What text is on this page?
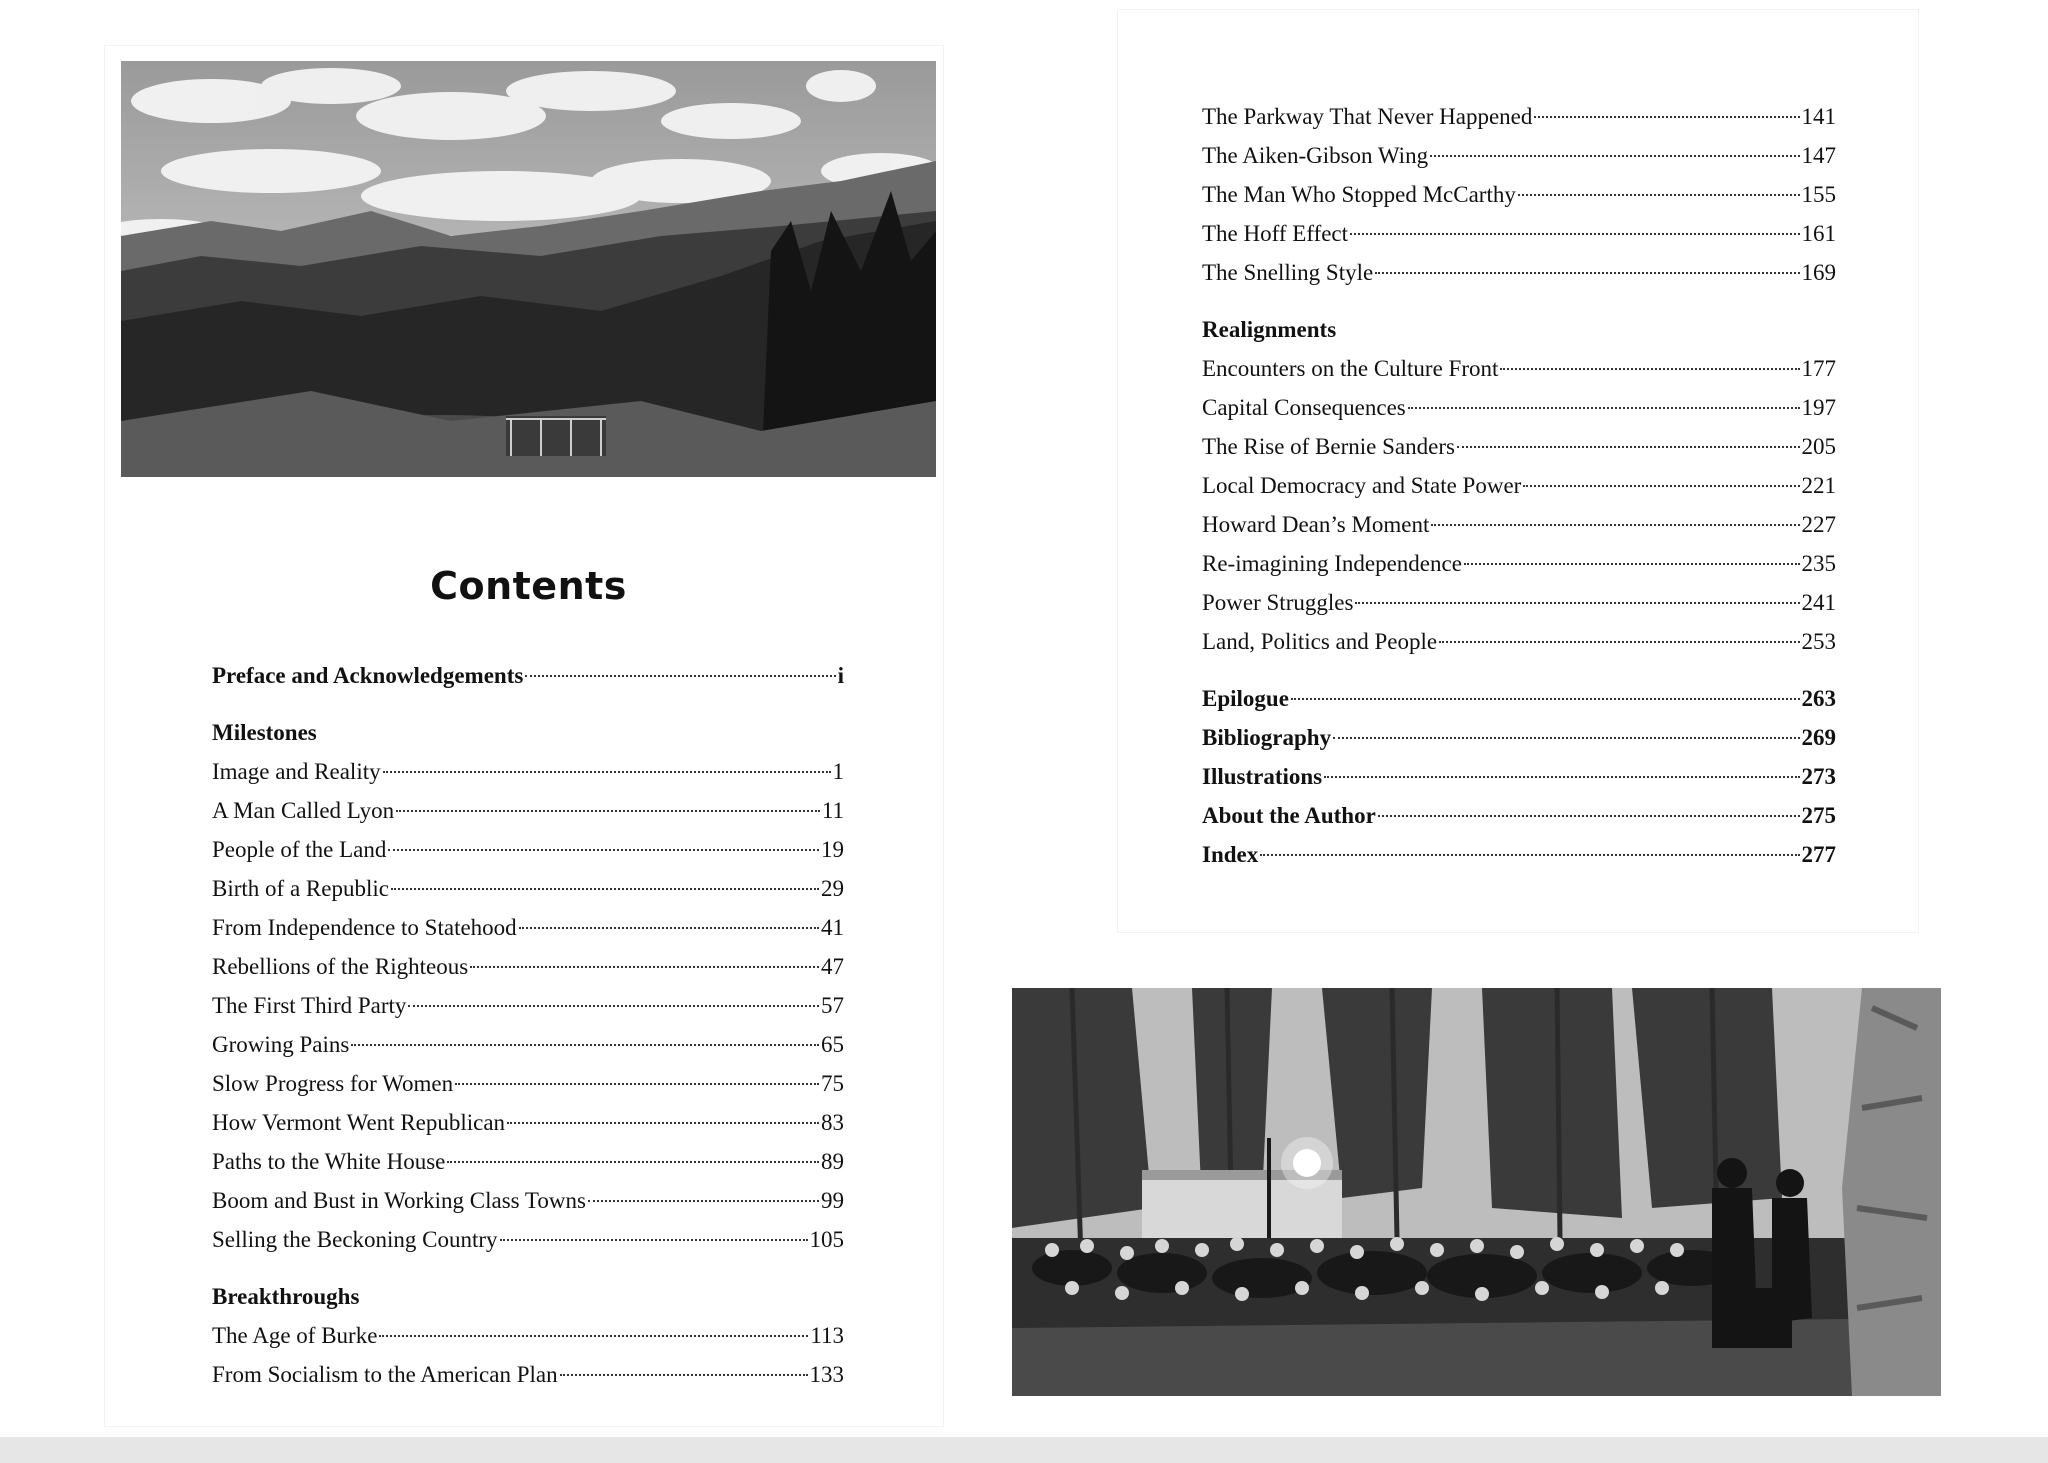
Contents
Preface and Acknowledgements	i
Milestones
Image and Reality	1
A Man Called Lyon	11
People of the Land	19
Birth of a Republic	29
From Independence to Statehood	41
Rebellions of the Righteous	47
The First Third Party	57
Growing Pains	65
Slow Progress for Women	75
How Vermont Went Republican	83
Paths to the White House	89
Boom and Bust in Working Class Towns	99
Selling the Beckoning Country	105
Breakthroughs
The Age of Burke	113
From Socialism to the American Plan	133
The Parkway That Never Happened	141
The Aiken-Gibson Wing	147
The Man Who Stopped McCarthy	155
The Hoff Effect	161
The Snelling Style	169
Realignments
Encounters on the Culture Front	177
Capital Consequences	197
The Rise of Bernie Sanders	205
Local Democracy and State Power	221
Howard Dean’s Moment	227
Re-imagining Independence	235
Power Struggles	241
Land, Politics and People	253
Epilogue	263
Bibliography	269
Illustrations	273
About the Author	275
Index	277
